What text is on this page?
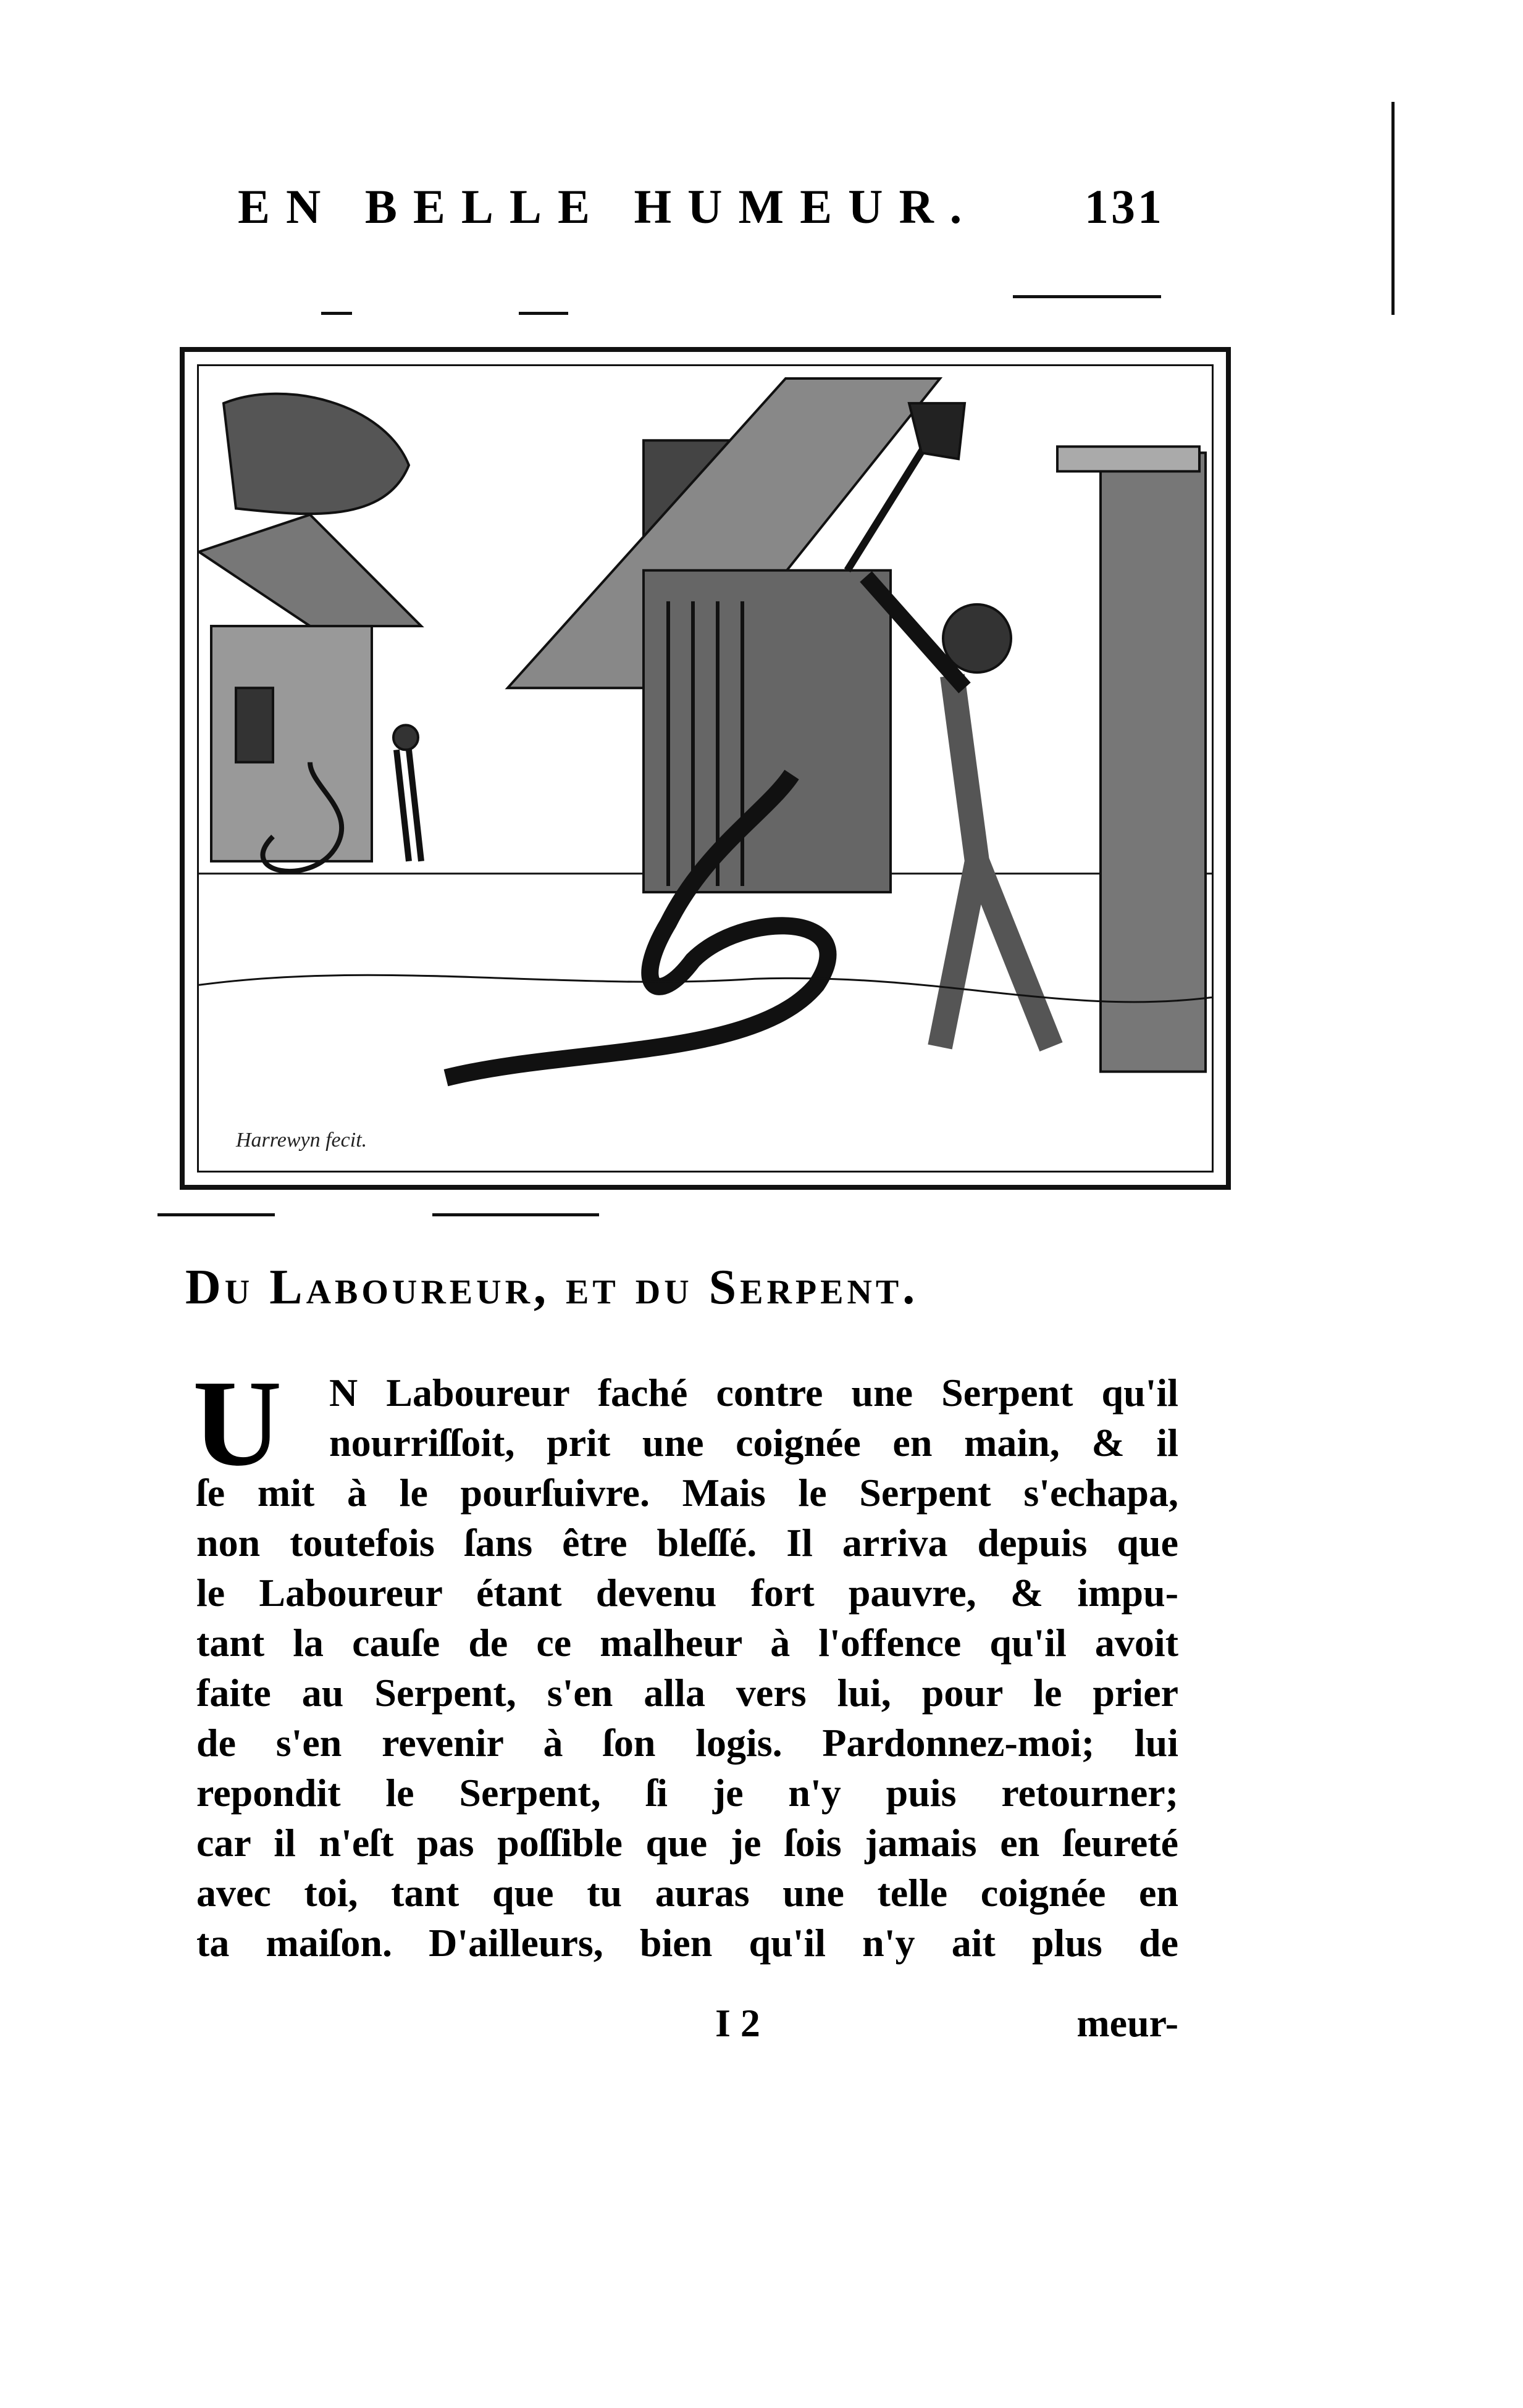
EN BELLE HUMEUR. 131
Harrewyn fecit.
Du Laboureur, et du Serpent.
U	N Laboureur faché contre une Serpent qu'il
nourriſſoit, prit une coignée en main, & il
ſe mit à le pourſuivre. Mais le Serpent s'echapa,
non toutefois ſans être bleſſé. Il arriva depuis que
le Laboureur étant devenu fort pauvre, & impu-
tant la cauſe de ce malheur à l'offence qu'il avoit
faite au Serpent, s'en alla vers lui, pour le prier
de s'en revenir à ſon logis. Pardonnez-moi; lui
repondit le Serpent, ſi je n'y puis retourner;
car il n'eſt pas poſſible que je ſois jamais en ſeureté
avec toi, tant que tu auras une telle coignée en
ta maiſon. D'ailleurs, bien qu'il n'y ait plus de
I 2	meur-
